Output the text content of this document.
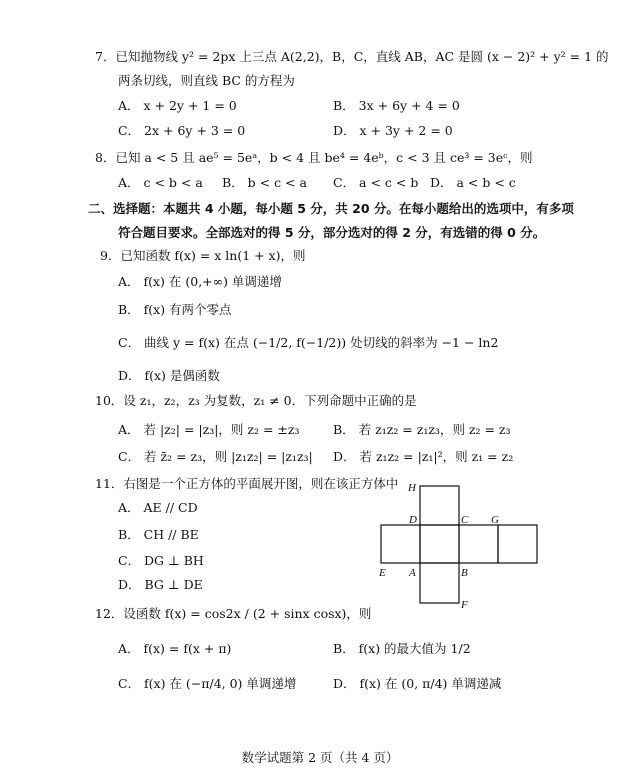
7．已知抛物线 y² = 2px 上三点 A(2,2)，B，C，直线 AB，AC 是圆 (x − 2)² + y² = 1 的
两条切线，则直线 BC 的方程为
A． x + 2y + 1 = 0	B． 3x + 6y + 4 = 0
C． 2x + 6y + 3 = 0	D． x + 3y + 2 = 0
8．已知 a < 5 且 ae⁵ = 5eᵃ，b < 4 且 be⁴ = 4eᵇ，c < 3 且 ce³ = 3eᶜ，则
A． c < b < a B． b < c < a C． a < c < b D． a < b < c
二、选择题：本题共 4 小题，每小题 5 分，共 20 分。在每小题给出的选项中，有多项
符合题目要求。全部选对的得 5 分，部分选对的得 2 分，有选错的得 0 分。
9．已知函数 f(x) = x ln(1 + x)，则
A． f(x) 在 (0,+∞) 单调递增
B． f(x) 有两个零点
C． 曲线 y = f(x) 在点 (−1/2, f(−1/2)) 处切线的斜率为 −1 − ln2
D． f(x) 是偶函数
10．设 z₁，z₂，z₃ 为复数，z₁ ≠ 0．下列命题中正确的是
A． 若 |z₂| = |z₃|，则 z₂ = ±z₃	B． 若 z₁z₂ = z₁z₃，则 z₂ = z₃
C． 若 z̄₂ = z₃，则 |z₁z₂| = |z₁z₃| D． 若 z₁z₂ = |z₁|²，则 z₁ = z₂
11．右图是一个正方体的平面展开图，则在该正方体中
A． AE // CD
B． CH // BE
C． DG ⊥ BH
D． BG ⊥ DE
H
D	C G
E A	B
F
12．设函数 f(x) = cos2x / (2 + sinx cosx)，则
A． f(x) = f(x + π)	B． f(x) 的最大值为 1/2
C． f(x) 在 (−π/4, 0) 单调递增	D． f(x) 在 (0, π/4) 单调递减
数学试题第 2 页（共 4 页）
